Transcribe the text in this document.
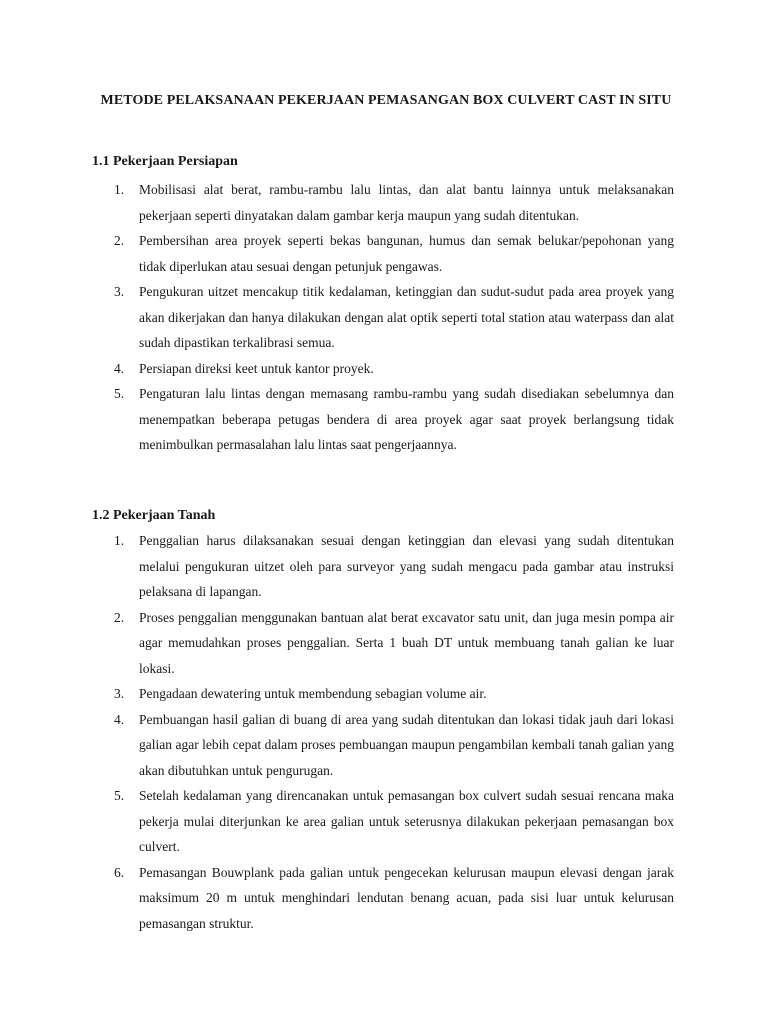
METODE PELAKSANAAN PEKERJAAN PEMASANGAN BOX CULVERT CAST IN SITU
1.1 Pekerjaan Persiapan
1. Mobilisasi alat berat, rambu-rambu lalu lintas, dan alat bantu lainnya untuk melaksanakan pekerjaan seperti dinyatakan dalam gambar kerja maupun yang sudah ditentukan.
2. Pembersihan area proyek seperti bekas bangunan, humus dan semak belukar/pepohonan yang tidak diperlukan atau sesuai dengan petunjuk pengawas.
3. Pengukuran uitzet mencakup titik kedalaman, ketinggian dan sudut-sudut pada area proyek yang akan dikerjakan dan hanya dilakukan dengan alat optik seperti total station atau waterpass dan alat sudah dipastikan terkalibrasi semua.
4. Persiapan direksi keet untuk kantor proyek.
5. Pengaturan lalu lintas dengan memasang rambu-rambu yang sudah disediakan sebelumnya dan menempatkan beberapa petugas bendera di area proyek agar saat proyek berlangsung tidak menimbulkan permasalahan lalu lintas saat pengerjaannya.
1.2 Pekerjaan Tanah
1. Penggalian harus dilaksanakan sesuai dengan ketinggian dan elevasi yang sudah ditentukan melalui pengukuran uitzet oleh para surveyor yang sudah mengacu pada gambar atau instruksi pelaksana di lapangan.
2. Proses penggalian menggunakan bantuan alat berat excavator satu unit, dan juga mesin pompa air agar memudahkan proses penggalian. Serta 1 buah DT untuk membuang tanah galian ke luar lokasi.
3. Pengadaan dewatering untuk membendung sebagian volume air.
4. Pembuangan hasil galian di buang di area yang sudah ditentukan dan lokasi tidak jauh dari lokasi galian agar lebih cepat dalam proses pembuangan maupun pengambilan kembali tanah galian yang akan dibutuhkan untuk pengurugan.
5. Setelah kedalaman yang direncanakan untuk pemasangan box culvert sudah sesuai rencana maka pekerja mulai diterjunkan ke area galian untuk seterusnya dilakukan pekerjaan pemasangan box culvert.
6. Pemasangan Bouwplank pada galian untuk pengecekan kelurusan maupun elevasi dengan jarak maksimum 20 m untuk menghindari lendutan benang acuan, pada sisi luar untuk kelurusan pemasangan struktur.
